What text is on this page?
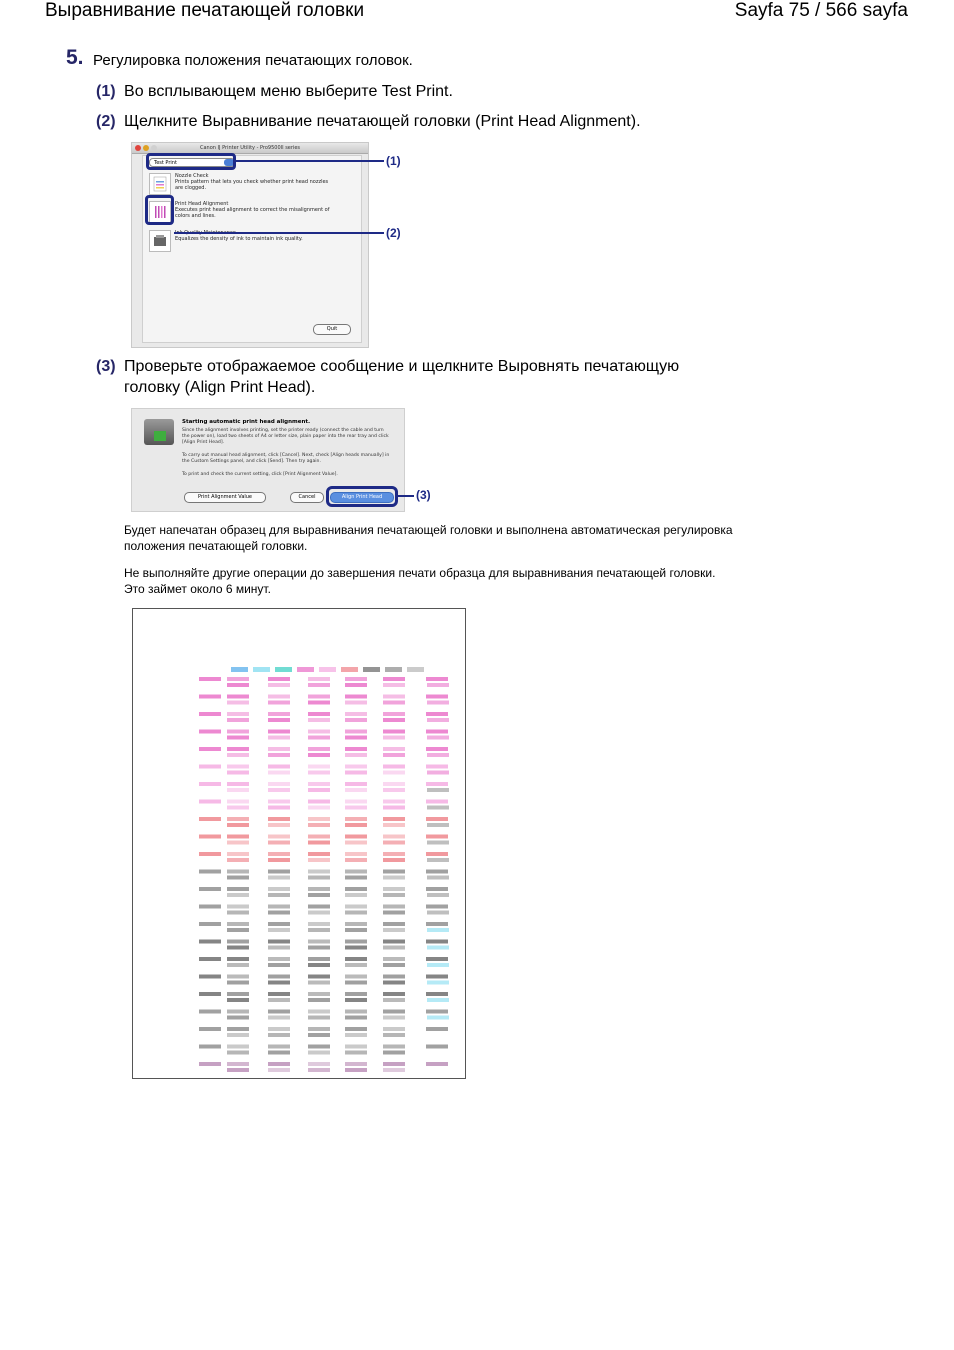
Выравнивание печатающей головки	Sayfa 75 / 566 sayfa
5. Регулировка положения печатающих головок.
(1) Во всплывающем меню выберите Test Print.
(2) Щелкните Выравнивание печатающей головки (Print Head Alignment).
Canon IJ Printer Utility - Pro9500II series
Test Print
Nozzle Check
Prints pattern that lets you check whether print head nozzles are clogged.
Print Head Alignment
Executes print head alignment to correct the misalignment of colors and lines.
Equalizes the density of ink to maintain ink quality.
Quit
(1)
(2)
(3) Проверьте отображаемое сообщение и щелкните Выровнять печатающую
головку (Align Print Head).
Starting automatic print head alignment.
Since the alignment involves printing, set the printer ready (connect the cable and turn the power on), load two sheets of A4 or letter size, plain paper into the rear tray and click [Align Print Head].
To carry out manual head alignment, click [Cancel]. Next, check [Align heads manually] in the Custom Settings panel, and click [Send]. Then try again.
To print and check the current setting, click [Print Alignment Value].
Print Alignment Value	Cancel	Align Print Head	(3)
Будет напечатан образец для выравнивания печатающей головки и выполнена автоматическая регулировка положения печатающей головки.
Не выполняйте другие операции до завершения печати образца для выравнивания печатающей головки. Это займет около 6 минут.
